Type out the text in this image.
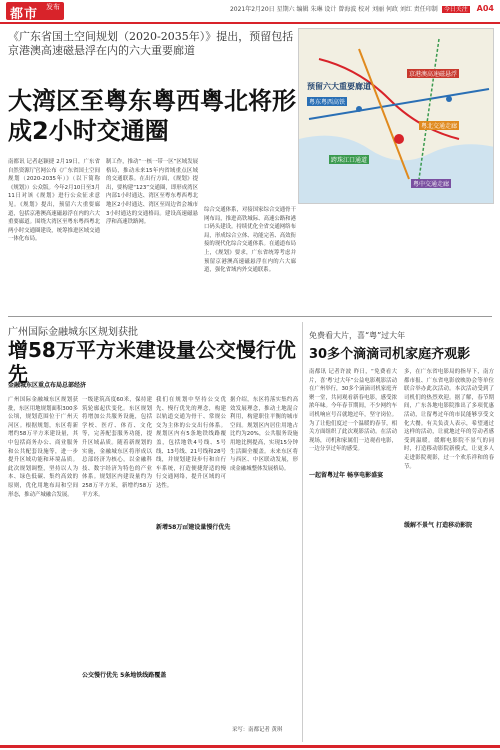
都市 发布	2021年2月20日 星期六 编辑 朱琳 设计 曾海波 校对 刘丽 何政 刘红 责任印制 今日关注 A04
《广东省国土空间规划（2020-2035年）》提出，预留包括京港澳高速磁悬浮在内的六大重要廊道
大湾区至粤东粤西粤北将形成2小时交通圈
预留六大重要廊道
京港澳高速磁悬浮
粤东粤西高铁
粤北交通走廊
跨珠江口通道
粤中交通走廊
南都讯 记者赵颖捷 2月19日，广东省自然资源厅官网公布《广东省国土空间规划（2020-2035年）》（以下简称《规划》）公众版。今年2月10日至3月11日对该《规划》进行公众征求意见。《规划》提出，预留六大重要廊道，包括京港澳高速磁悬浮在内的六大重要廊道。围绕大湾区至粤东粤西粤北两小时交通圈建设，统筹推进区域交通一体化布局。
制工作，推动“一核一带一区”区域发展格局，推动未来15年内省域重点区域的交通联系。在出行方面，《规划》提出，要构建“123”交通圈，即形成湾区内部1小时通达、湾区至粤东粤西粤北地区2小时通达、湾区至周边省会城市3小时通达的交通格局。建设高速磁悬浮和高速铁路网。
综合交通体系，对接国家综合交通骨干网布局，推进高铁城际、高速公路和港口码头建设。持续优化全省交通网络布局，形成综合立体、功能完善、高效衔接的现代化综合交通体系。在通道布局上，《规划》要求，广东省统筹考虑并预留京港澳高速磁悬浮在内的六大廊道，强化省域内外交通联系。
广州国际金融城东区规划获批
增58万平方米建设量公交慢行优先
广州国际金融城东区规划获批，东区用地规划面积300多公顷，规划范围位于广州天河区。根据规划，东区将新增约58万平方米建设量，其中包括商务办公、商业服务和公共配套设施等，进一步提升区域功能和环境品质。此次规划调整，坚持以人为本、绿色低碳、集约高效的原则，优化用地布局和空间形态，推动产城融合发展。
金融城东区重点布局总部经济
一级建筑高度60米，保持建筑轮廓起伏变化。东区规划将增加公共服务设施，包括学校、医疗、体育、文化等，完善配套服务功能，提升区域品质。随着新规划的实施，金融城东区将形成以总部经济为核心，以金融科技、数字经济为特色的产业体系。规划区内建设量约为258万平方米，新增约58万平方米。
新增58万㎡建设量慢行优先
我们在规划中坚持公交优先、慢行优先的理念，构建以轨道交通为骨干、常规公交为主体的公交出行体系。规划区内有5条地铁线路覆盖，包括地铁4号线、5号线、13号线、21号线和28号线，并规划建设步行和自行车系统，打造便捷舒适的慢行交通网络，提升区域的可达性。
据介绍，东区将落实集约高效发展理念，推动土地混合利用，构建职住平衡的城市空间。规划区内居住用地占比约为20%，公共服务设施用地比例提高，实现15分钟生活圈全覆盖。未来东区将与西区、中区联动发展，形成金融城整体发展格局。
公交慢行优先 5条地铁线路覆盖
采写：南都记者 黄琪
免费看大片，喜“粤”过大年
30多个滴滴司机家庭齐观影
南都讯 记者许波 昨日，“免费看大片，喜‘粤’过大年”公益电影观影活动在广州举行，30多个滴滴司机家庭齐聚一堂，共同观看新春电影，感受浓浓年味。今年春节期间，不少网约车司机响应号召就地过年，坚守岗位。为了让他们度过一个温暖的春节，相关方面组织了此次观影活动。在活动现场，司机和家属们一边观看电影，一边分享过年的感受。
一起留粤过年 畅享电影盛宴
多，在广东省电影局的指导下，南方都市报、广东省电影放映协会等单位联合举办此次活动。本次活动受到了司机们的热烈欢迎。据了解，春节期间，广东各地电影院推出了多项优惠活动，让留粤过年的市民能够享受文化大餐。有关负责人表示，希望通过这样的活动，让就地过年的劳动者感受到温暖。缓解电影院不景气的同时，打造移动影院新模式，让更多人走进影院观影，过一个欢乐祥和的春节。
缓解不景气 打造移动影院
